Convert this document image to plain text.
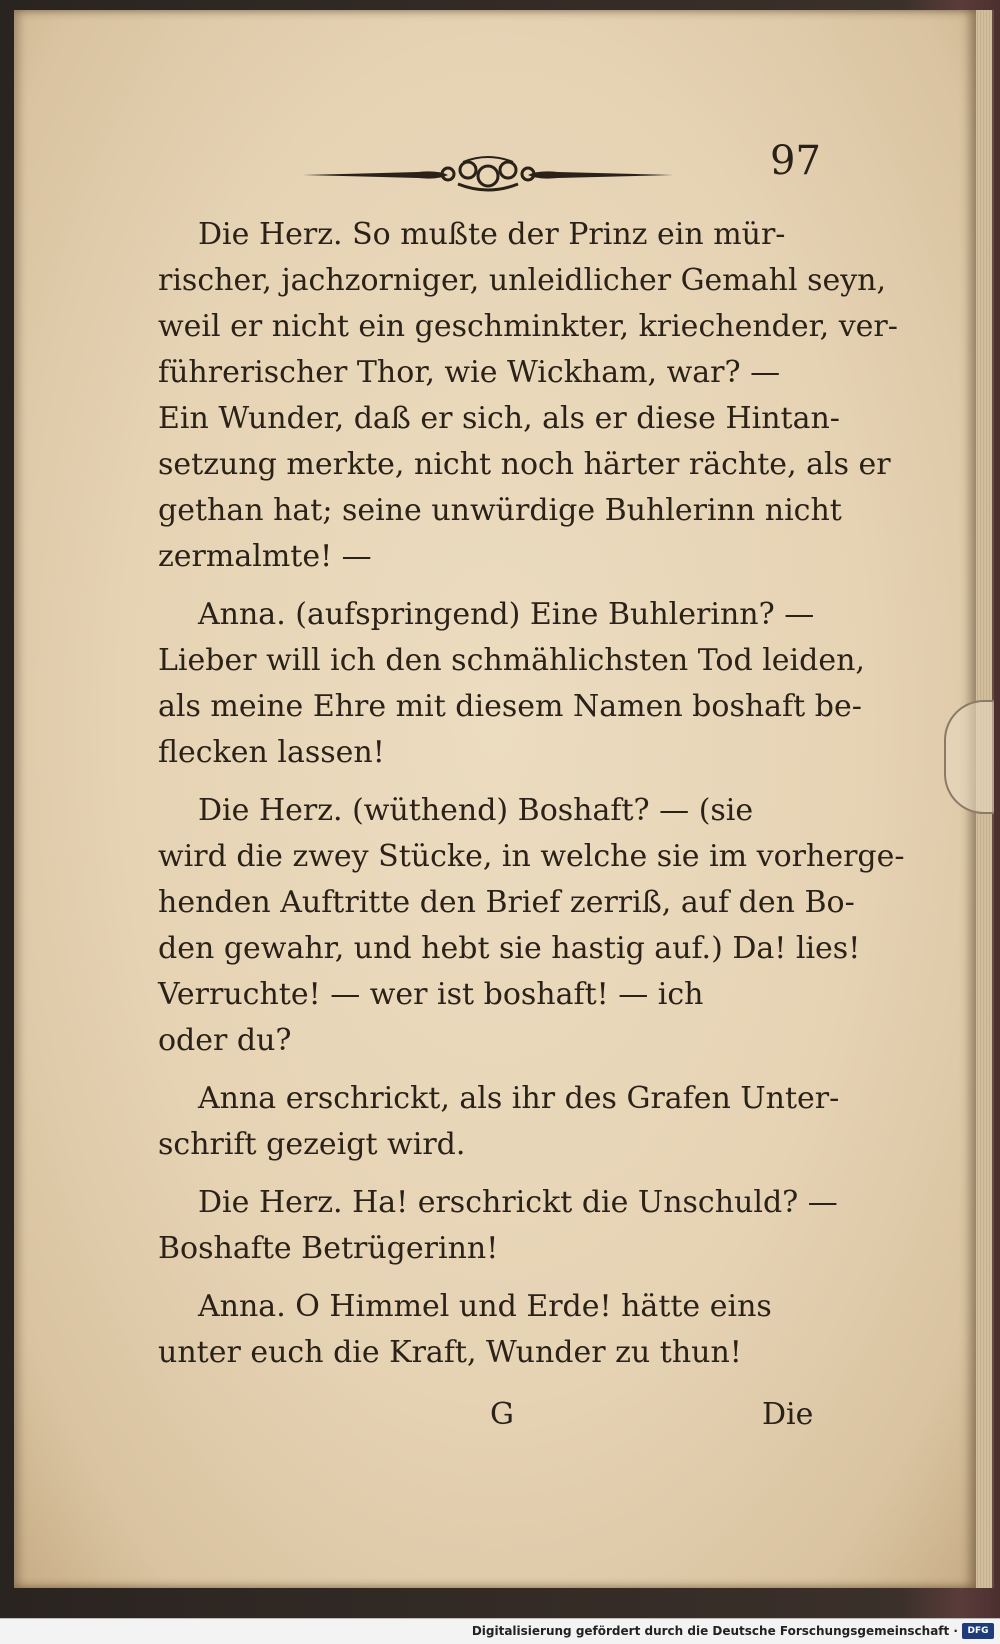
97

Die Herz. So mußte der Prinz ein mür-
rischer, jachzorniger, unleidlicher Gemahl seyn,
weil er nicht ein geschminkter, kriechender, ver-
führerischer Thor, wie Wickham, war? —
Ein Wunder, daß er sich, als er diese Hintan-
setzung merkte, nicht noch härter rächte, als er
gethan hat; seine unwürdige Buhlerinn nicht
zermalmte! —

Anna. (aufspringend) Eine Buhlerinn? —
Lieber will ich den schmählichsten Tod leiden,
als meine Ehre mit diesem Namen boshaft be-
flecken lassen!

Die Herz. (wüthend) Boshaft? — (sie
wird die zwey Stücke, in welche sie im vorherge-
henden Auftritte den Brief zerriß, auf den Bo-
den gewahr, und hebt sie hastig auf.) Da! lies!
Verruchte! — wer ist boshaft! — ich
oder du?

Anna erschrickt, als ihr des Grafen Unter-
schrift gezeigt wird.

Die Herz. Ha! erschrickt die Unschuld? —
Boshafte Betrügerinn!

Anna. O Himmel und Erde! hätte eins
unter euch die Kraft, Wunder zu thun!

G	Die
Digitalisierung gefördert durch die Deutsche Forschungsgemeinschaft ·	DFG
